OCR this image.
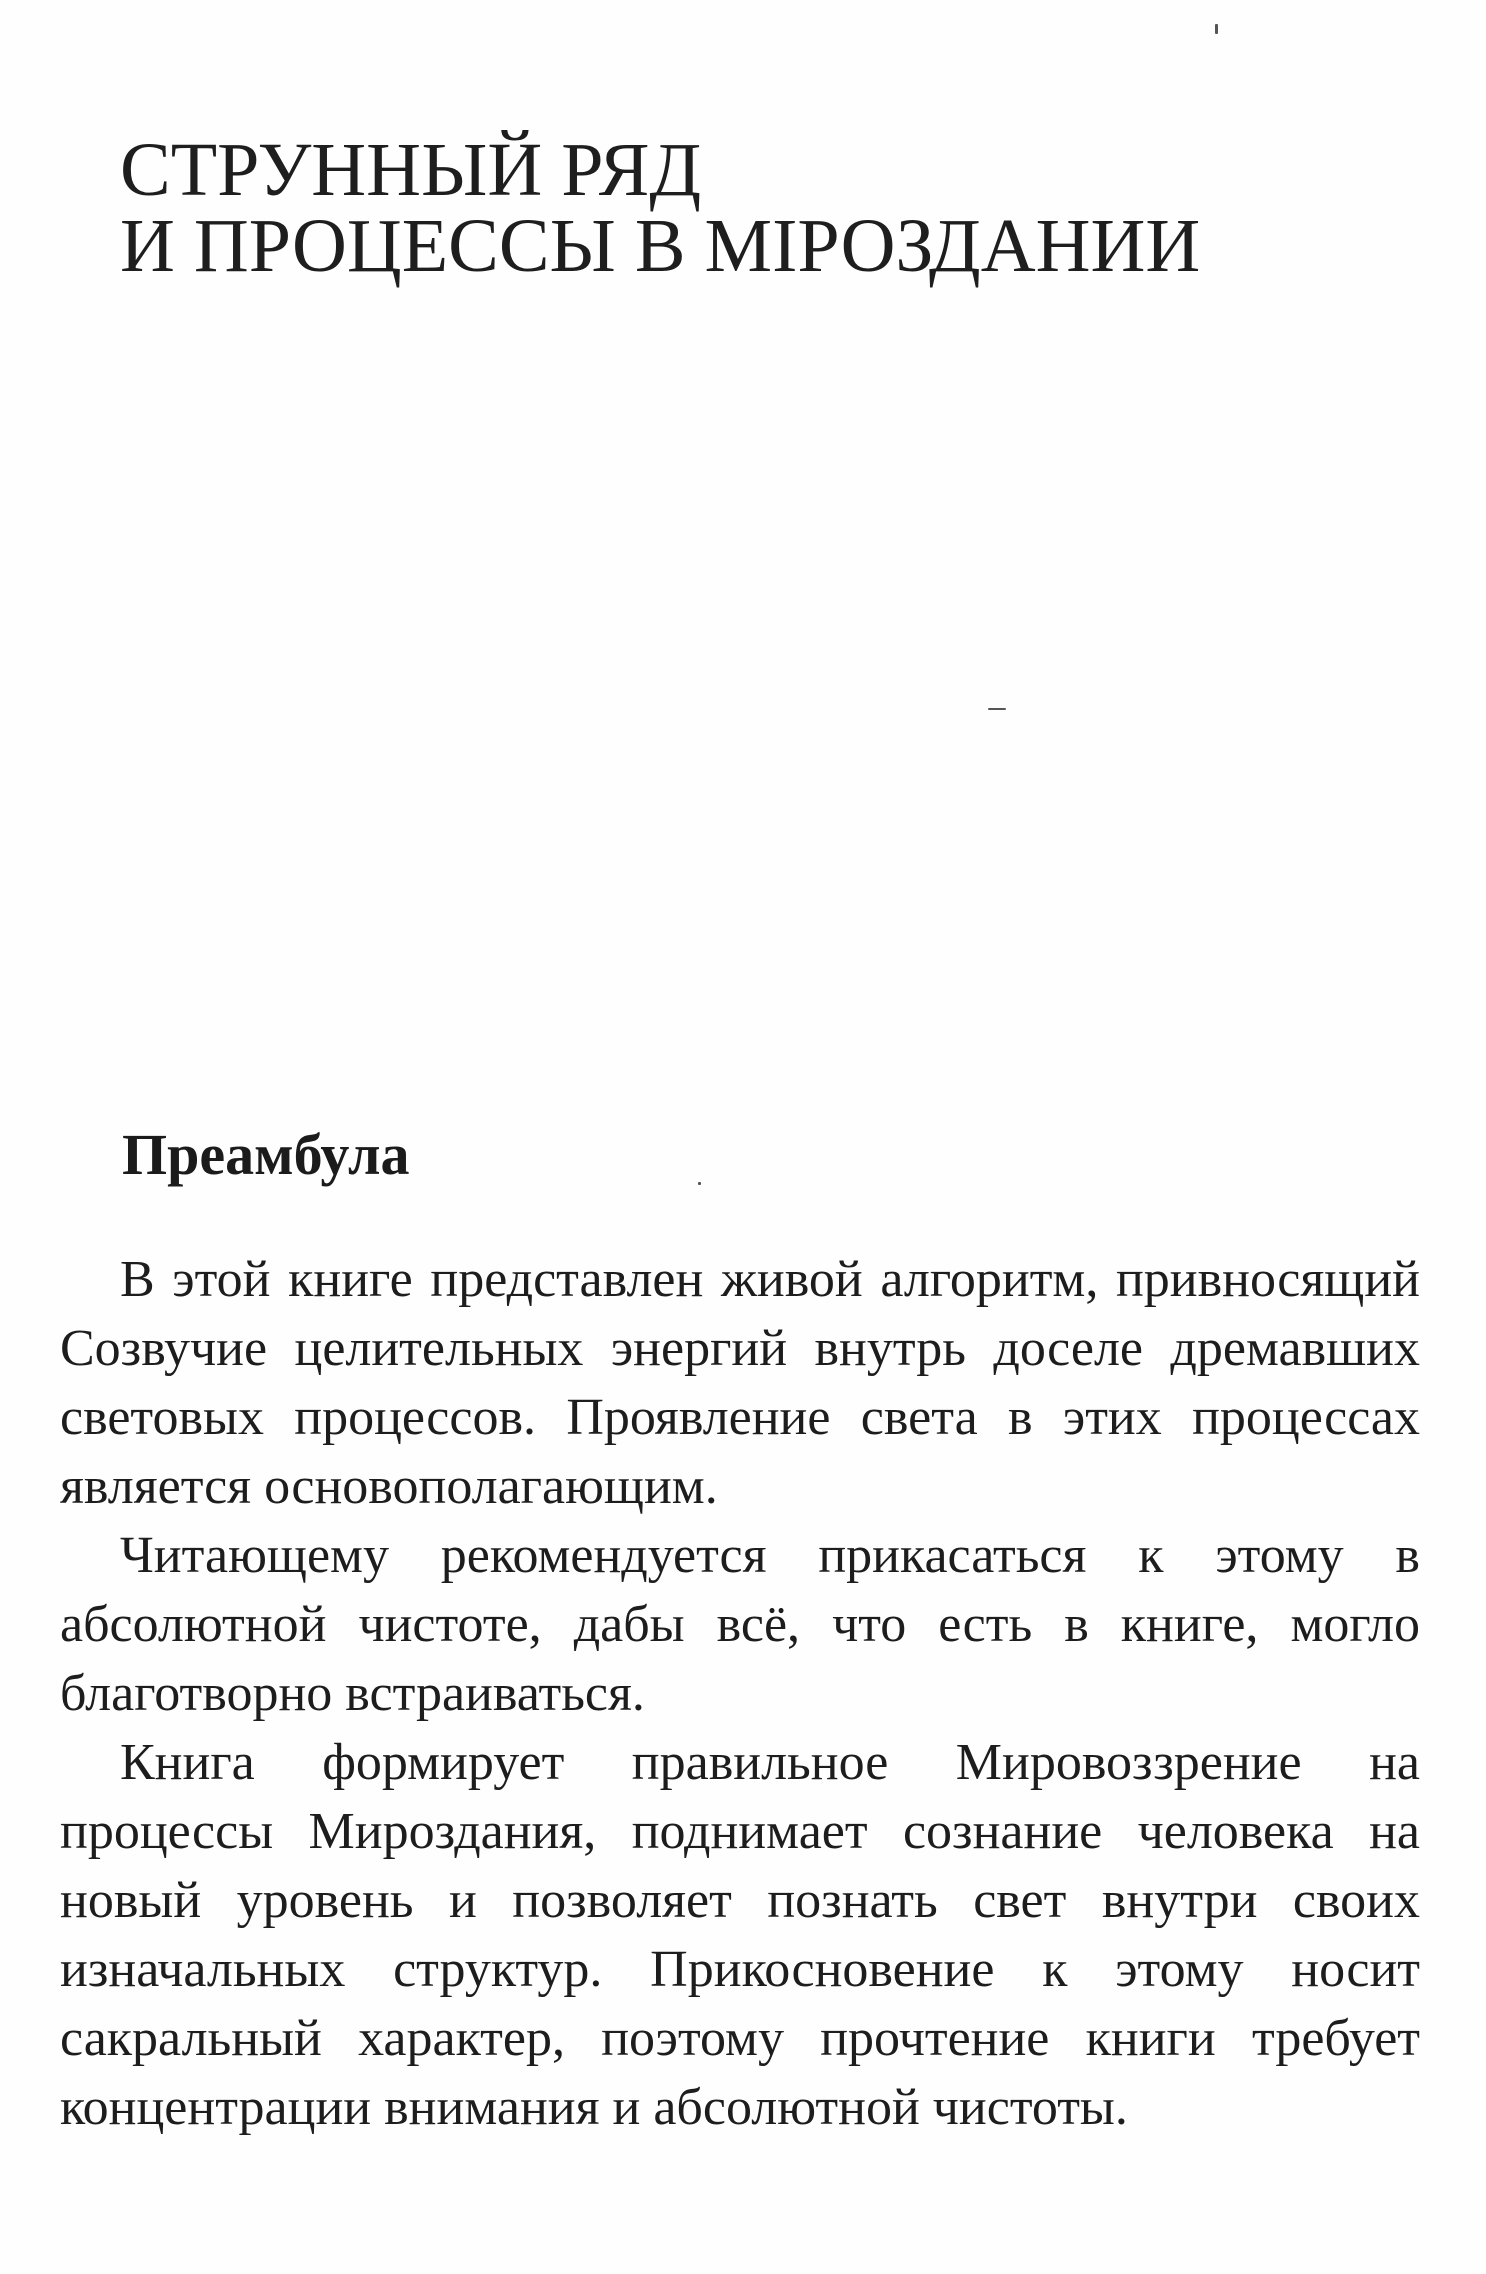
СТРУННЫЙ РЯД
И ПРОЦЕССЫ В МIРОЗДАНИИ
Преамбула

В этой книге представлен живой алгоритм, привносящий Созвучие целительных энергий внутрь доселе дремавших световых процессов. Проявление света в этих процессах является основополагающим.

Читающему рекомендуется прикасаться к этому в абсолютной чистоте, дабы всё, что есть в книге, могло благотворно встраиваться.

Книга формирует правильное Мировоззрение на процессы Мироздания, поднимает сознание человека на новый уровень и позволяет познать свет внутри своих изначальных структур. Прикосновение к этому носит сакральный характер, поэтому прочтение книги требует концентрации внимания и абсолютной чистоты.
